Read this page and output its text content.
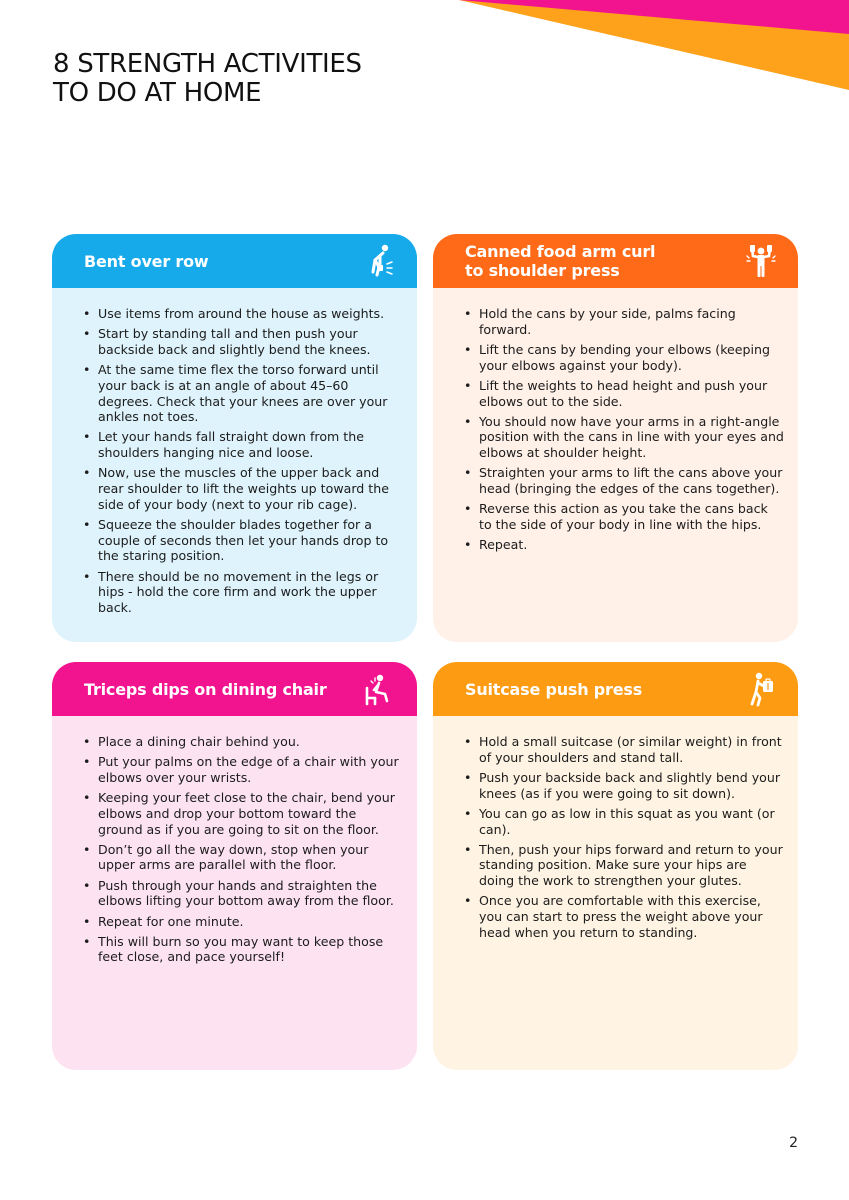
8 STRENGTH ACTIVITIES
TO DO AT HOME
Bent over row
• Use items from around the house as weights.
• Start by standing tall and then push your backside back and slightly bend the knees.
• At the same time flex the torso forward until your back is at an angle of about 45–60 degrees. Check that your knees are over your ankles not toes.
• Let your hands fall straight down from the shoulders hanging nice and loose.
• Now, use the muscles of the upper back and rear shoulder to lift the weights up toward the side of your body (next to your rib cage).
• Squeeze the shoulder blades together for a couple of seconds then let your hands drop to the staring position.
• There should be no movement in the legs or hips - hold the core firm and work the upper back.
Canned food arm curl
to shoulder press
• Hold the cans by your side, palms facing forward.
• Lift the cans by bending your elbows (keeping your elbows against your body).
• Lift the weights to head height and push your elbows out to the side.
• You should now have your arms in a right-angle position with the cans in line with your eyes and elbows at shoulder height.
• Straighten your arms to lift the cans above your head (bringing the edges of the cans together).
• Reverse this action as you take the cans back to the side of your body in line with the hips.
• Repeat.
Triceps dips on dining chair
• Place a dining chair behind you.
• Put your palms on the edge of a chair with your elbows over your wrists.
• Keeping your feet close to the chair, bend your elbows and drop your bottom toward the ground as if you are going to sit on the floor.
• Don’t go all the way down, stop when your upper arms are parallel with the floor.
• Push through your hands and straighten the elbows lifting your bottom away from the floor.
• Repeat for one minute.
• This will burn so you may want to keep those feet close, and pace yourself!
Suitcase push press
• Hold a small suitcase (or similar weight) in front of your shoulders and stand tall.
• Push your backside back and slightly bend your knees (as if you were going to sit down).
• You can go as low in this squat as you want (or can).
• Then, push your hips forward and return to your standing position. Make sure your hips are doing the work to strengthen your glutes.
• Once you are comfortable with this exercise, you can start to press the weight above your head when you return to standing.
2
